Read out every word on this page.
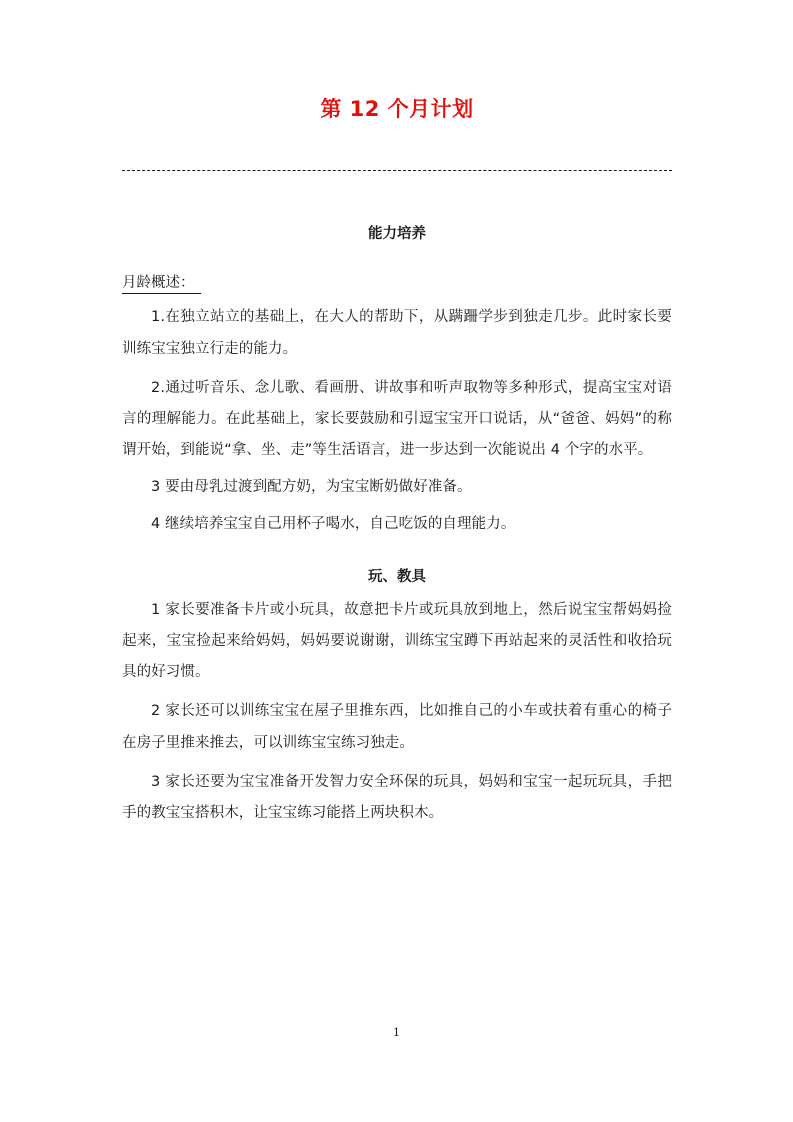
第 12 个月计划
能力培养

月龄概述：

1.在独立站立的基础上，在大人的帮助下，从蹒跚学步到独走几步。此时家长要训练宝宝独立行走的能力。

2.通过听音乐、念儿歌、看画册、讲故事和听声取物等多种形式，提高宝宝对语言的理解能力。在此基础上，家长要鼓励和引逗宝宝开口说话，从“爸爸、妈妈”的称谓开始，到能说“拿、坐、走”等生活语言，进一步达到一次能说出 4 个字的水平。

3 要由母乳过渡到配方奶，为宝宝断奶做好准备。

4 继续培养宝宝自己用杯子喝水，自己吃饭的自理能力。

玩、教具

1 家长要准备卡片或小玩具，故意把卡片或玩具放到地上，然后说宝宝帮妈妈捡起来，宝宝捡起来给妈妈，妈妈要说谢谢，训练宝宝蹲下再站起来的灵活性和收拾玩具的好习惯。

2 家长还可以训练宝宝在屋子里推东西，比如推自己的小车或扶着有重心的椅子在房子里推来推去，可以训练宝宝练习独走。

3 家长还要为宝宝准备开发智力安全环保的玩具，妈妈和宝宝一起玩玩具，手把手的教宝宝搭积木，让宝宝练习能搭上两块积木。

1
